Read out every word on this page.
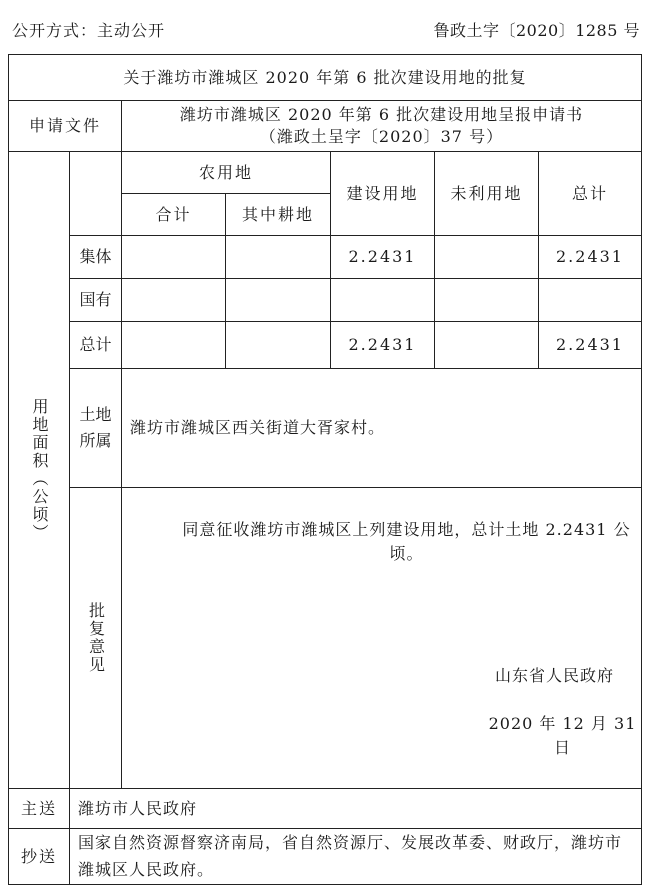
公开方式：主动公开	鲁政土字〔2020〕1285 号
关于潍坊市潍城区 2020 年第 6 批次建设用地的批复						
申请文件		潍坊市潍城区 2020 年第 6 批次建设用地呈报申请书
（潍政土呈字〔2020〕37 号）				

用地面积（公顷）		农用地		建设用地	未利用地	总计
		合计	其中耕地			
	集体			2.2431		2.2431
	国有					
	总计			2.2431		2.2431

	土地所属	潍坊市潍城区西关街道大胥家村。				

	批复意见	同意征收潍坊市潍城区上列建设用地，总计土地 2.2431 公顷。
山东省人民政府
2020 年 12 月 31 日				

主送	潍坊市人民政府					
抄送	国家自然资源督察济南局，省自然资源厅、发展改革委、财政厅，潍坊市潍城区人民政府。					
